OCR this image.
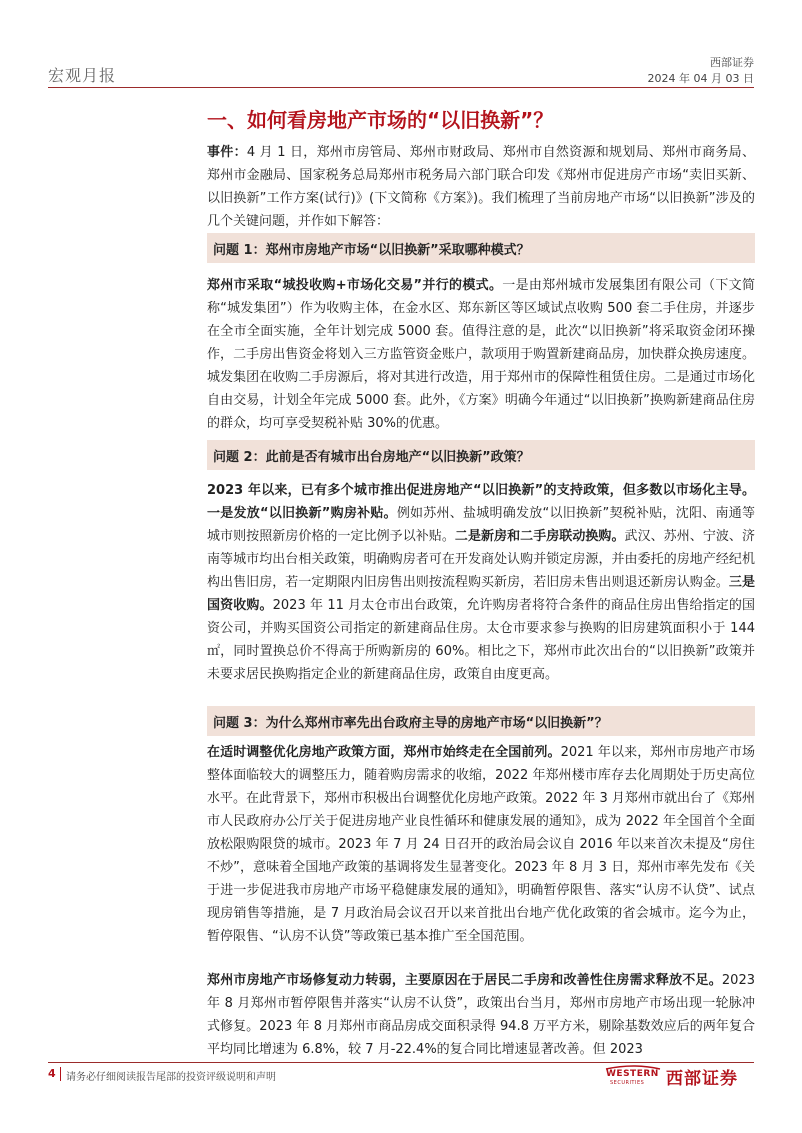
宏观月报
西部证券
2024 年 04 月 03 日
一、如何看房地产市场的“以旧换新”？

事件：4 月 1 日，郑州市房管局、郑州市财政局、郑州市自然资源和规划局、郑州市商务局、郑州市金融局、国家税务总局郑州市税务局六部门联合印发《郑州市促进房产市场“卖旧买新、以旧换新”工作方案(试行)》(下文简称《方案》)。我们梳理了当前房地产市场“以旧换新”涉及的几个关键问题，并作如下解答：

问题 1：郑州市房地产市场“以旧换新”采取哪种模式？

郑州市采取“城投收购+市场化交易”并行的模式。一是由郑州城市发展集团有限公司（下文简称“城发集团”）作为收购主体，在金水区、郑东新区等区域试点收购 500 套二手住房，并逐步在全市全面实施，全年计划完成 5000 套。值得注意的是，此次“以旧换新”将采取资金闭环操作，二手房出售资金将划入三方监管资金账户，款项用于购置新建商品房，加快群众换房速度。城发集团在收购二手房源后，将对其进行改造，用于郑州市的保障性租赁住房。二是通过市场化自由交易，计划全年完成 5000 套。此外，《方案》明确今年通过“以旧换新”换购新建商品住房的群众，均可享受契税补贴 30%的优惠。

问题 2：此前是否有城市出台房地产“以旧换新”政策？

2023 年以来，已有多个城市推出促进房地产“以旧换新”的支持政策，但多数以市场化主导。一是发放“以旧换新”购房补贴。例如苏州、盐城明确发放“以旧换新”契税补贴，沈阳、南通等城市则按照新房价格的一定比例予以补贴。二是新房和二手房联动换购。武汉、苏州、宁波、济南等城市均出台相关政策，明确购房者可在开发商处认购并锁定房源，并由委托的房地产经纪机构出售旧房，若一定期限内旧房售出则按流程购买新房，若旧房未售出则退还新房认购金。三是国资收购。2023 年 11 月太仓市出台政策，允许购房者将符合条件的商品住房出售给指定的国资公司，并购买国资公司指定的新建商品住房。太仓市要求参与换购的旧房建筑面积小于 144 ㎡，同时置换总价不得高于所购新房的 60%。相比之下，郑州市此次出台的“以旧换新”政策并未要求居民换购指定企业的新建商品住房，政策自由度更高。

问题 3：为什么郑州市率先出台政府主导的房地产市场“以旧换新”？

在适时调整优化房地产政策方面，郑州市始终走在全国前列。2021 年以来，郑州市房地产市场整体面临较大的调整压力，随着购房需求的收缩，2022 年郑州楼市库存去化周期处于历史高位水平。在此背景下，郑州市积极出台调整优化房地产政策。2022 年 3 月郑州市就出台了《郑州市人民政府办公厅关于促进房地产业良性循环和健康发展的通知》，成为 2022 年全国首个全面放松限购限贷的城市。2023 年 7 月 24 日召开的政治局会议自 2016 年以来首次未提及“房住不炒”，意味着全国地产政策的基调将发生显著变化。2023 年 8 月 3 日，郑州市率先发布《关于进一步促进我市房地产市场平稳健康发展的通知》，明确暂停限售、落实“认房不认贷”、试点现房销售等措施，是 7 月政治局会议召开以来首批出台地产优化政策的省会城市。迄今为止，暂停限售、“认房不认贷”等政策已基本推广至全国范围。

郑州市房地产市场修复动力转弱，主要原因在于居民二手房和改善性住房需求释放不足。2023 年 8 月郑州市暂停限售并落实“认房不认贷”，政策出台当月，郑州市房地产市场出现一轮脉冲式修复。2023 年 8 月郑州市商品房成交面积录得 94.8 万平方米，剔除基数效应后的两年复合平均同比增速为 6.8%，较 7 月-22.4%的复合同比增速显著改善。但 2023

4 请务必仔细阅读报告尾部的投资评级说明和声明	WESTERN
SECURITIES 西部证券
